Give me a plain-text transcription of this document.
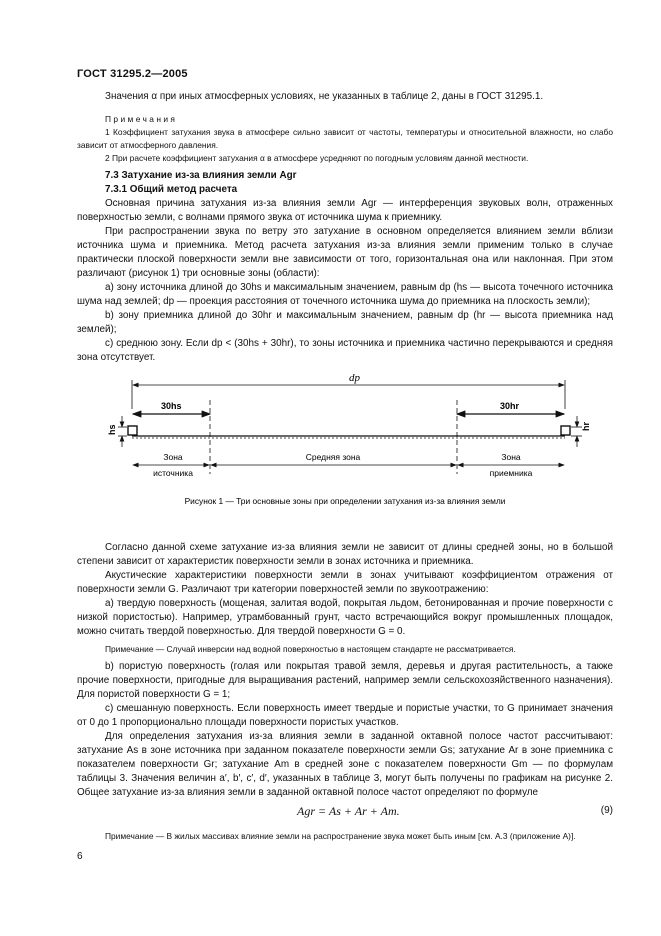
ГОСТ 31295.2—2005

Значения α при иных атмосферных условиях, не указанных в таблице 2, даны в ГОСТ 31295.1.

Примечания

1 Коэффициент затухания звука в атмосфере сильно зависит от частоты, температуры и относительной влажности, но слабо зависит от атмосферного давления.

2 При расчете коэффициент затухания α в атмосфере усредняют по погодным условиям данной местности.

7.3 Затухание из-за влияния земли Agr

7.3.1 Общий метод расчета

Основная причина затухания из-за влияния земли Agr — интерференция звуковых волн, отраженных поверхностью земли, с волнами прямого звука от источника шума к приемнику.

При распространении звука по ветру это затухание в основном определяется влиянием земли вблизи источника шума и приемника. Метод расчета затухания из-за влияния земли применим только в случае практически плоской поверхности земли вне зависимости от того, горизонтальная она или наклонная. При этом различают (рисунок 1) три основные зоны (области):

а) зону источника длиной до 30hs и максимальным значением, равным dp (hs — высота точечного источника шума над землей; dp — проекция расстояния от точечного источника шума до приемника на плоскость земли);

b) зону приемника длиной до 30hr и максимальным значением, равным dp (hr — высота приемника над землей);

с) среднюю зону. Если dp < (30hs + 30hr), то зоны источника и приемника частично перекрываются и средняя зона отсутствует.

dp
30hs	30hr
hs	hr
Зона
источника
Средняя зона	Зона
приемника
Рисунок 1 — Три основные зоны при определении затухания из-за влияния земли

Согласно данной схеме затухание из-за влияния земли не зависит от длины средней зоны, но в большой степени зависит от характеристик поверхности земли в зонах источника и приемника.

Акустические характеристики поверхности земли в зонах учитывают коэффициентом отражения от поверхности земли G. Различают три категории поверхностей земли по звукоотражению:

а) твердую поверхность (мощеная, залитая водой, покрытая льдом, бетонированная и прочие поверхности с низкой пористостью). Например, утрамбованный грунт, часто встречающийся вокруг промышленных площадок, можно считать твердой поверхностью. Для твердой поверхности G = 0.

Примечание — Случай инверсии над водной поверхностью в настоящем стандарте не рассматривается.

b) пористую поверхность (голая или покрытая травой земля, деревья и другая растительность, а также прочие поверхности, пригодные для выращивания растений, например земли сельскохозяйственного назначения). Для пористой поверхности G = 1;

с) смешанную поверхность. Если поверхность имеет твердые и пористые участки, то G принимает значения от 0 до 1 пропорционально площади поверхности пористых участков.

Для определения затухания из-за влияния земли в заданной октавной полосе частот рассчитывают: затухание As в зоне источника при заданном показателе поверхности земли Gs; затухание Ar в зоне приемника с показателем поверхности Gr; затухание Am в средней зоне с показателем поверхности Gm — по формулам таблицы 3. Значения величин a′, b′, c′, d′, указанных в таблице 3, могут быть получены по графикам на рисунке 2. Общее затухание из-за влияния земли в заданной октавной полосе частот определяют по формуле

Agr = As + Ar + Am.	(9)

Примечание — В жилых массивах влияние земли на распространение звука может быть иным [см. А.3 (приложение А)].

6
